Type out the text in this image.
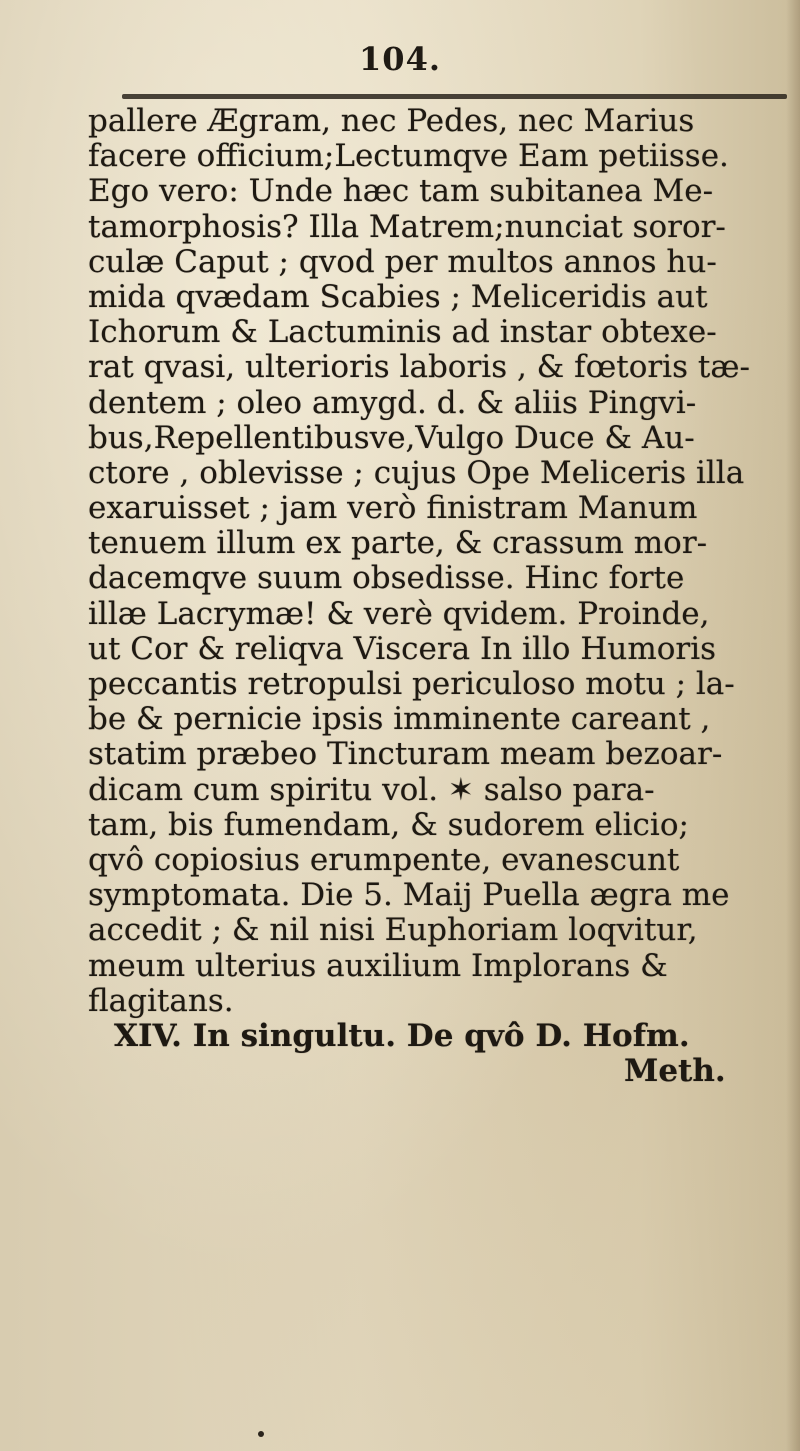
104.
pallere Ægram, nec Pedes, nec Marius
facere officium;Lectumqve Eam petiisse.
Ego vero: Unde hæc tam subitanea Me-
tamorphosis? Illa Matrem;nunciat soror-
culæ Caput ; qvod per multos annos hu-
mida qvædam Scabies ; Meliceridis aut
Ichorum & Lactuminis ad instar obtexe-
rat qvasi, ulterioris laboris , & fœtoris tæ-
dentem ; oleo amygd. d. & aliis Pingvi-
bus,Repellentibusve,Vulgo Duce & Au-
ctore , oblevisse ; cujus Ope Meliceris illa
exaruisset ; jam verò finistram Manum
tenuem illum ex parte, & crassum mor-
dacemqve suum obsedisse. Hinc forte
illæ Lacrymæ! & verè qvidem. Proinde,
ut Cor & reliqva Viscera In illo Humoris
peccantis retropulsi periculoso motu ; la-
be & pernicie ipsis imminente careant ,
statim præbeo Tincturam meam bezoar-
dicam cum spiritu vol. ✶ salso para-
tam, bis fumendam, & sudorem elicio;
qvô copiosius erumpente, evanescunt
symptomata. Die 5. Maij Puella ægra me
accedit ; & nil nisi Euphoriam loqvitur,
meum ulterius auxilium Implorans &
flagitans.
XIV. In singultu. De qvô D. Hofm.
Meth.
